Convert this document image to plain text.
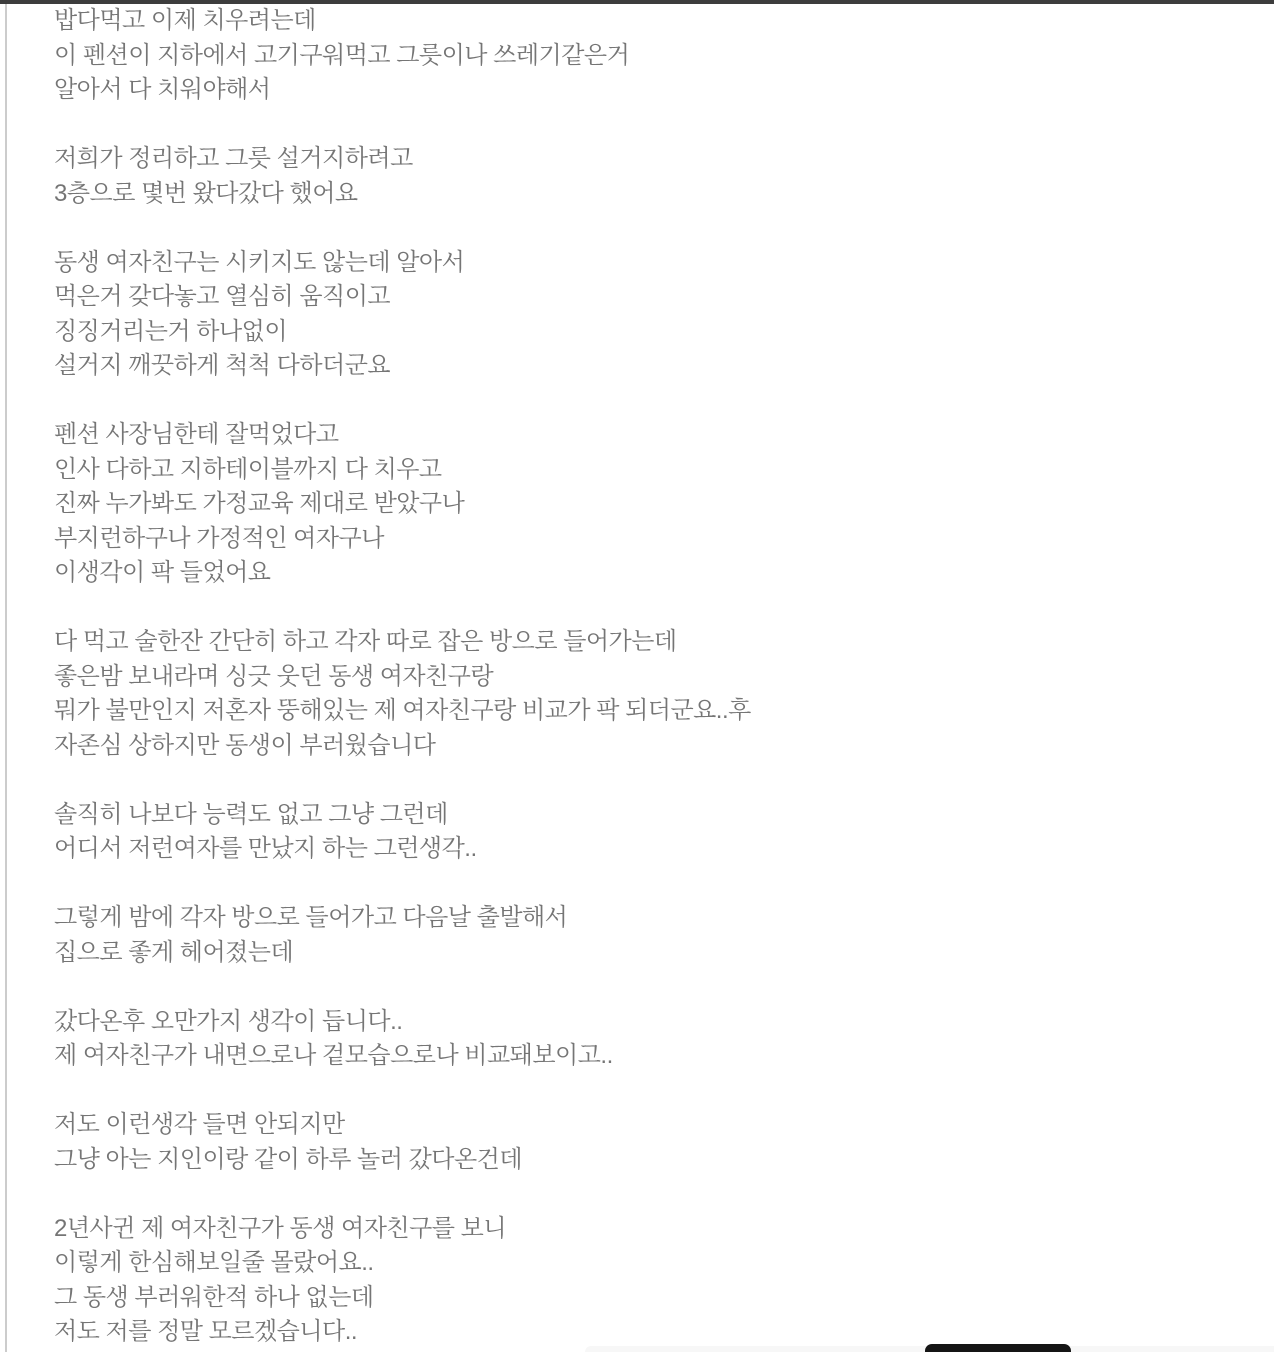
밥다먹고 이제 치우려는데
이 펜션이 지하에서 고기구워먹고 그릇이나 쓰레기같은거
알아서 다 치워야해서
저희가 정리하고 그릇 설거지하려고
3층으로 몇번 왔다갔다 했어요
동생 여자친구는 시키지도 않는데 알아서
먹은거 갖다놓고 열심히 움직이고
징징거리는거 하나없이
설거지 깨끗하게 척척 다하더군요
펜션 사장님한테 잘먹었다고
인사 다하고 지하테이블까지 다 치우고
진짜 누가봐도 가정교육 제대로 받았구나
부지런하구나 가정적인 여자구나
이생각이 팍 들었어요
다 먹고 술한잔 간단히 하고 각자 따로 잡은 방으로 들어가는데
좋은밤 보내라며 싱긋 웃던 동생 여자친구랑
뭐가 불만인지 저혼자 뚱해있는 제 여자친구랑 비교가 팍 되더군요..후
자존심 상하지만 동생이 부러웠습니다
솔직히 나보다 능력도 없고 그냥 그런데
어디서 저런여자를 만났지 하는 그런생각..
그렇게 밤에 각자 방으로 들어가고 다음날 출발해서
집으로 좋게 헤어졌는데
갔다온후 오만가지 생각이 듭니다..
제 여자친구가 내면으로나 겉모습으로나 비교돼보이고..
저도 이런생각 들면 안되지만
그냥 아는 지인이랑 같이 하루 놀러 갔다온건데
2년사귄 제 여자친구가 동생 여자친구를 보니
이렇게 한심해보일줄 몰랐어요..
그 동생 부러워한적 하나 없는데
저도 저를 정말 모르겠습니다..
